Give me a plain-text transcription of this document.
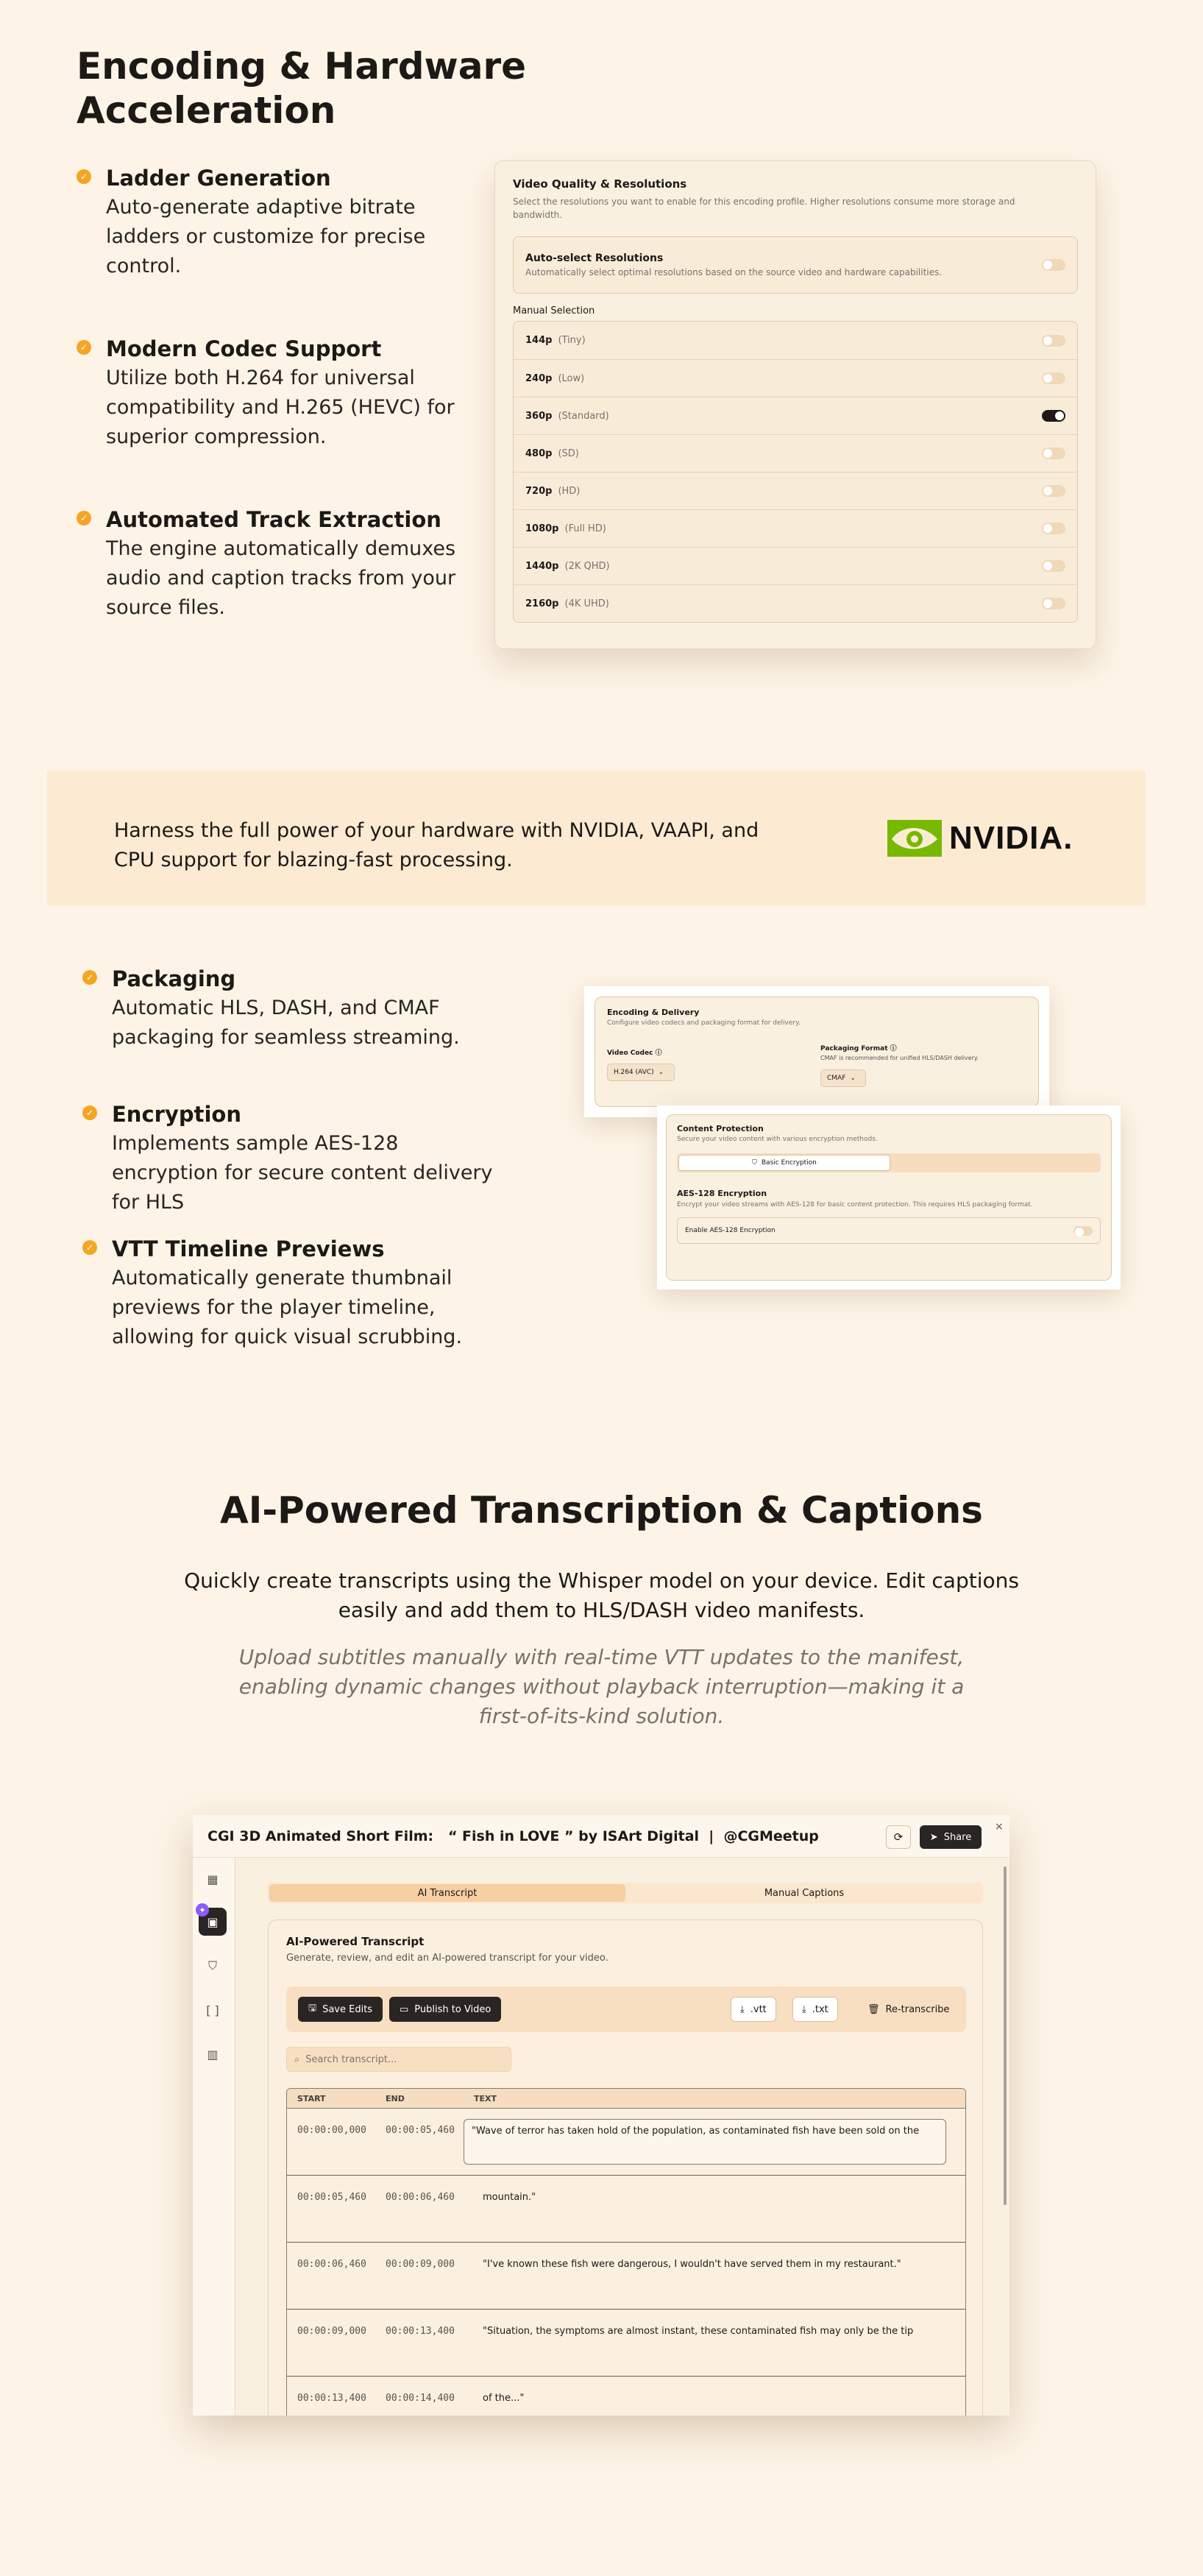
Encoding & Hardware
Acceleration
✓ Ladder Generation
Auto-generate adaptive bitrate
ladders or customize for precise
control.
✓ Modern Codec Support
Utilize both H.264 for universal
compatibility and H.265 (HEVC) for
superior compression.
✓ Automated Track Extraction
The engine automatically demuxes
audio and caption tracks from your
source files.
Video Quality & Resolutions
Select the resolutions you want to enable for this encoding profile. Higher resolutions consume more storage and
bandwidth.
Auto-select Resolutions
Automatically select optimal resolutions based on the source video and hardware capabilities.
Manual Selection
144p (Tiny)
240p (Low)
360p (Standard)
480p (SD)
720p (HD)
1080p (Full HD)
1440p (2K QHD)
2160p (4K UHD)
Harness the full power of your hardware with NVIDIA, VAAPI, and
CPU support for blazing-fast processing.
NVIDIA.
✓ Packaging
Automatic HLS, DASH, and CMAF
packaging for seamless streaming.
✓ Encryption
Implements sample AES-128
encryption for secure content delivery
for HLS
✓ VTT Timeline Previews
Automatically generate thumbnail
previews for the player timeline,
allowing for quick visual scrubbing.
Encoding & Delivery
Configure video codecs and packaging format for delivery.
Video Codec ⓘ
H.264 (AVC) ⌄
Packaging Format ⓘ
CMAF is recommended for unified HLS/DASH delivery.
CMAF ⌄
Content Protection
Secure your video content with various encryption methods.
⛉ Basic Encryption
AES-128 Encryption
Encrypt your video streams with AES-128 for basic content protection. This requires HLS packaging format.
Enable AES-128 Encryption
AI-Powered Transcription & Captions
Quickly create transcripts using the Whisper model on your device. Edit captions
easily and add them to HLS/DASH video manifests.
Upload subtitles manually with real-time VTT updates to the manifest,
enabling dynamic changes without playback interruption—making it a
first-of-its-kind solution.
CGI 3D Animated Short Film:   “ Fish in LOVE ” by ISArt Digital  |  @CGMeetup	⟳	➤ Share
×
▦
▣
✦
⛉
[ ]
▥
AI Transcript	Manual Captions
AI-Powered Transcript
Generate, review, and edit an AI-powered transcript for your video.
🖫 Save Edits	▭ Publish to Video	⤓ .vtt	⤓ .txt	🗑 Re-transcribe
⌕
Search transcript...
START	END	TEXT
00:00:00,000	00:00:05,460	"Wave of terror has taken hold of the population, as contaminated fish have been sold on the
00:00:05,460	00:00:06,460	mountain."
00:00:06,460	00:00:09,000	"I've known these fish were dangerous, I wouldn't have served them in my restaurant."
00:00:09,000	00:00:13,400	"Situation, the symptoms are almost instant, these contaminated fish may only be the tip
00:00:13,400	00:00:14,400	of the..."
